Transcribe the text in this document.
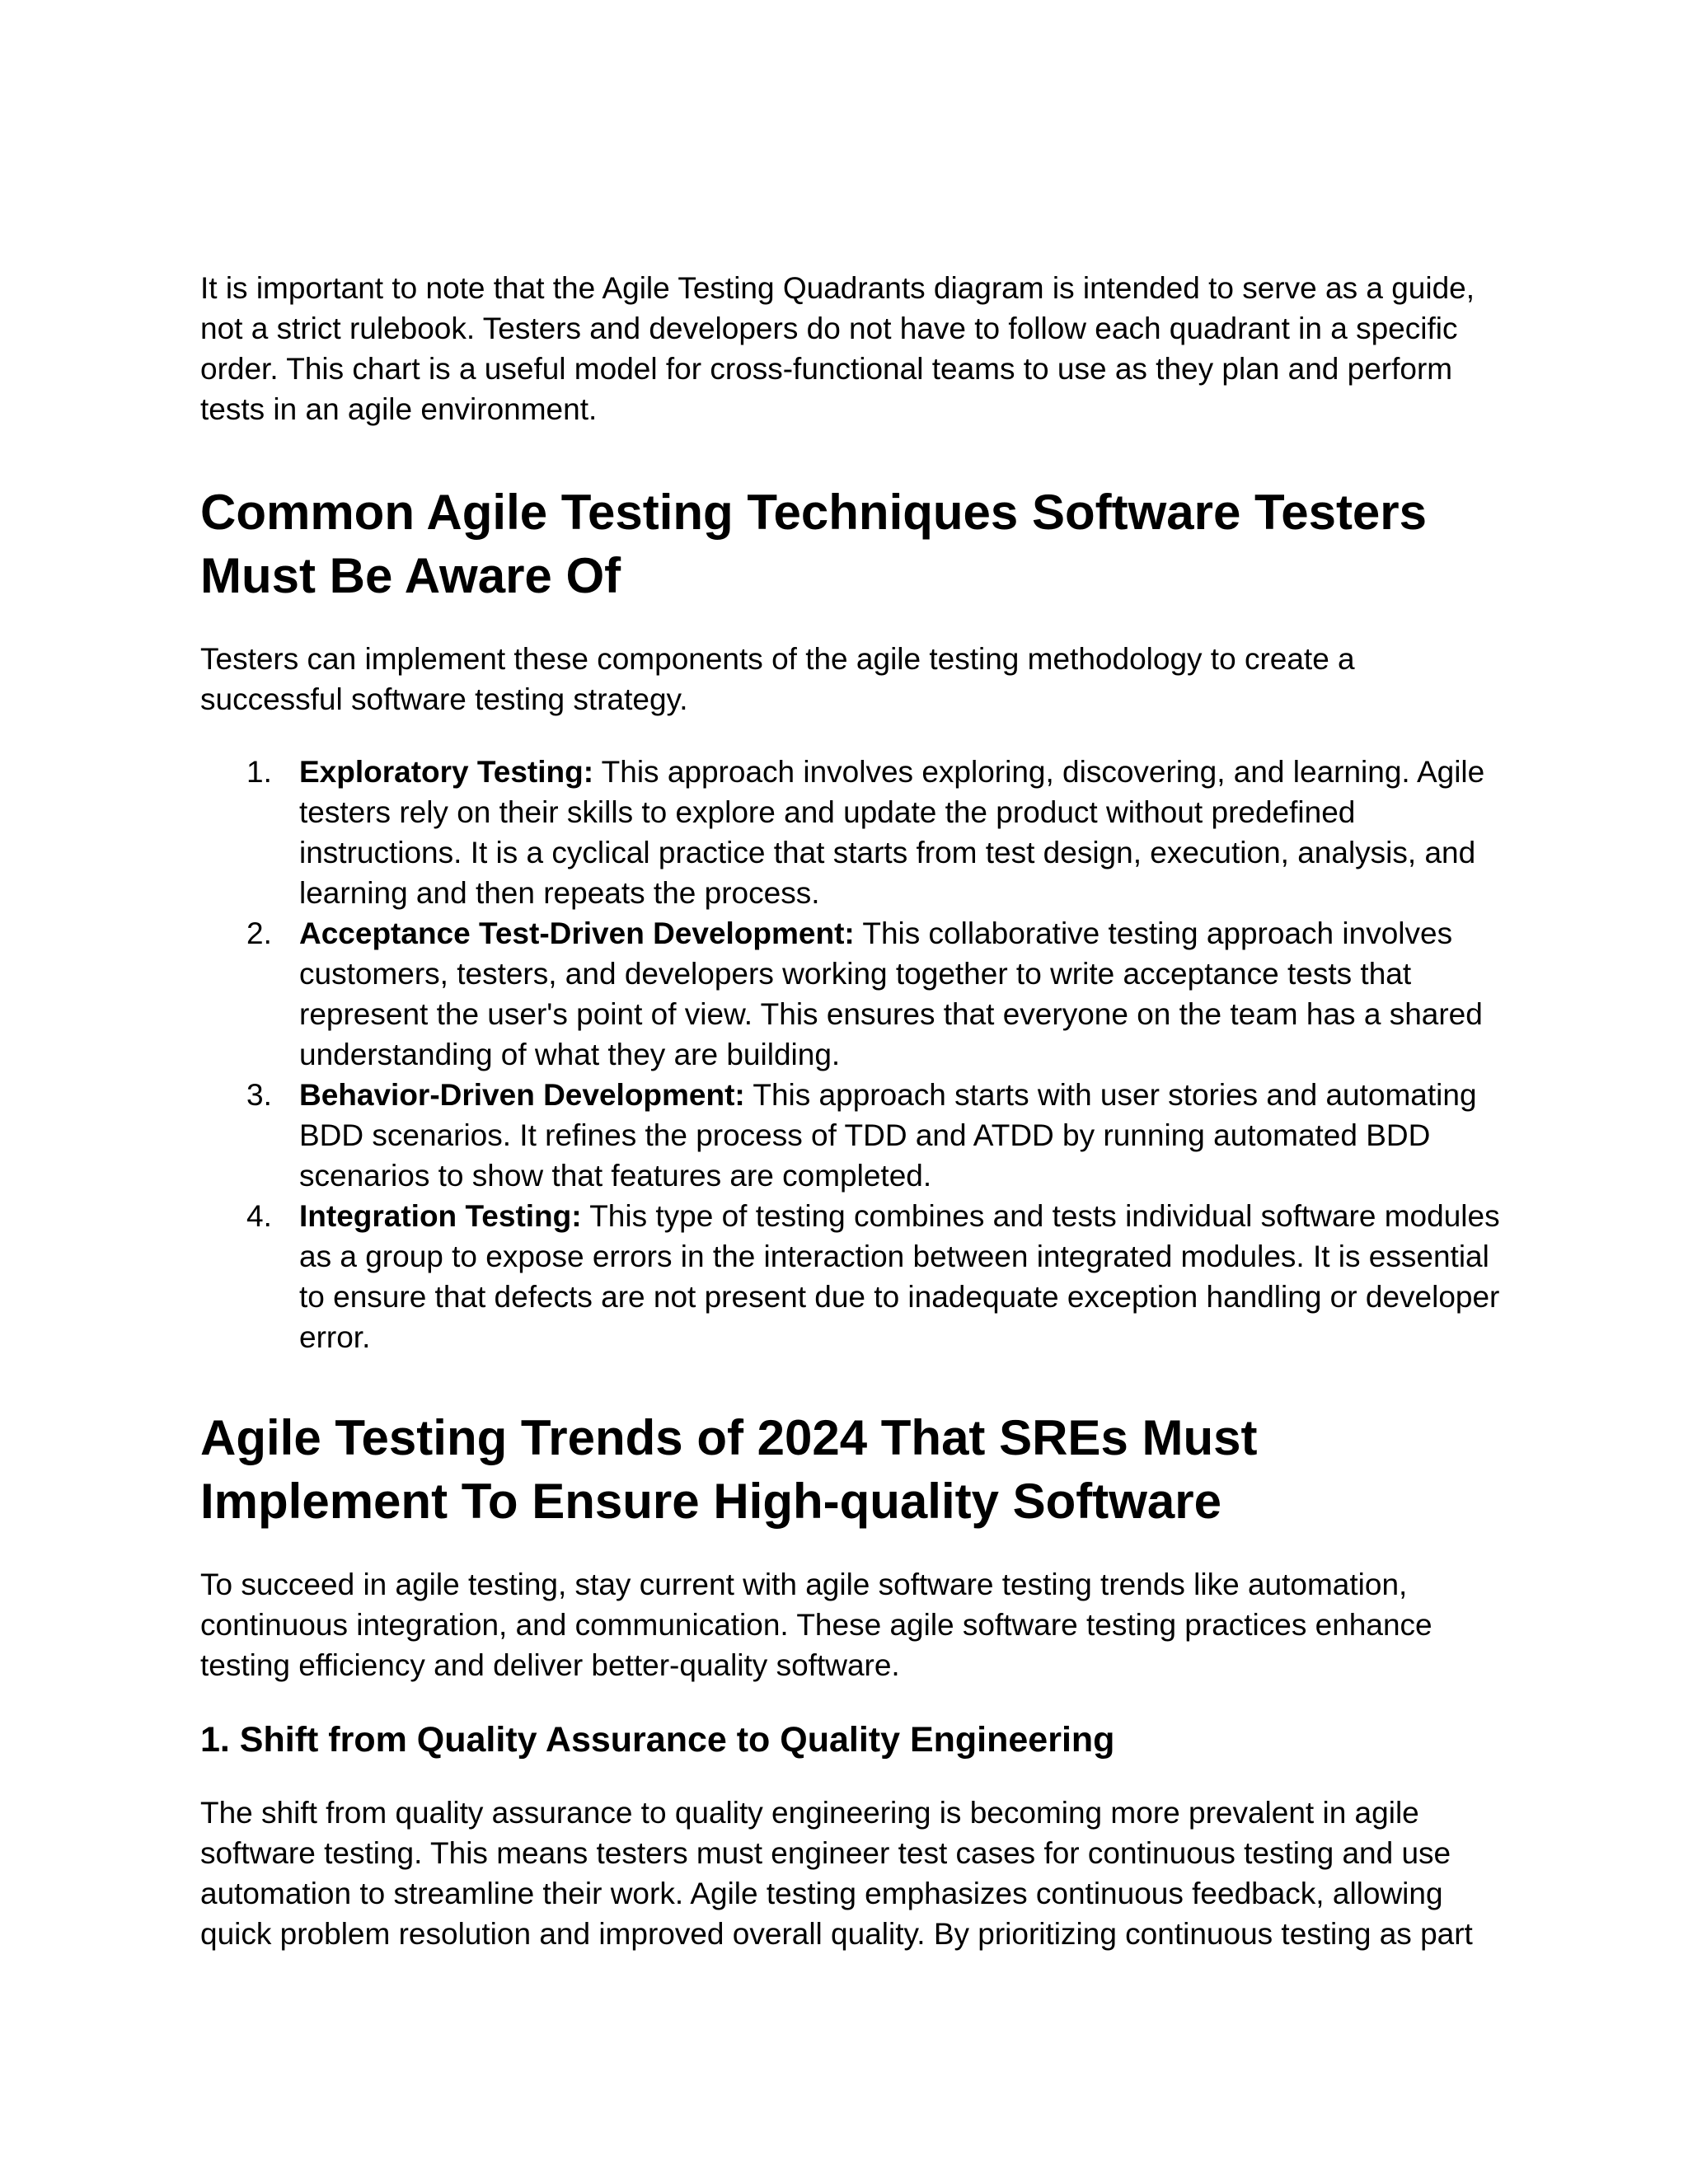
It is important to note that the Agile Testing Quadrants diagram is intended to serve as a guide, not a strict rulebook. Testers and developers do not have to follow each quadrant in a specific order. This chart is a useful model for cross-functional teams to use as they plan and perform tests in an agile environment.

Common Agile Testing Techniques Software Testers Must Be Aware Of

Testers can implement these components of the agile testing methodology to create a successful software testing strategy.

1. Exploratory Testing: This approach involves exploring, discovering, and learning. Agile testers rely on their skills to explore and update the product without predefined instructions. It is a cyclical practice that starts from test design, execution, analysis, and learning and then repeats the process.
2. Acceptance Test-Driven Development: This collaborative testing approach involves customers, testers, and developers working together to write acceptance tests that represent the user's point of view. This ensures that everyone on the team has a shared understanding of what they are building.
3. Behavior-Driven Development: This approach starts with user stories and automating BDD scenarios. It refines the process of TDD and ATDD by running automated BDD scenarios to show that features are completed.
4. Integration Testing: This type of testing combines and tests individual software modules as a group to expose errors in the interaction between integrated modules. It is essential to ensure that defects are not present due to inadequate exception handling or developer error.
Agile Testing Trends of 2024 That SREs Must Implement To Ensure High-quality Software

To succeed in agile testing, stay current with agile software testing trends like automation, continuous integration, and communication. These agile software testing practices enhance testing efficiency and deliver better-quality software.

1. Shift from Quality Assurance to Quality Engineering

The shift from quality assurance to quality engineering is becoming more prevalent in agile software testing. This means testers must engineer test cases for continuous testing and use automation to streamline their work. Agile testing emphasizes continuous feedback, allowing quick problem resolution and improved overall quality. By prioritizing continuous testing as part
